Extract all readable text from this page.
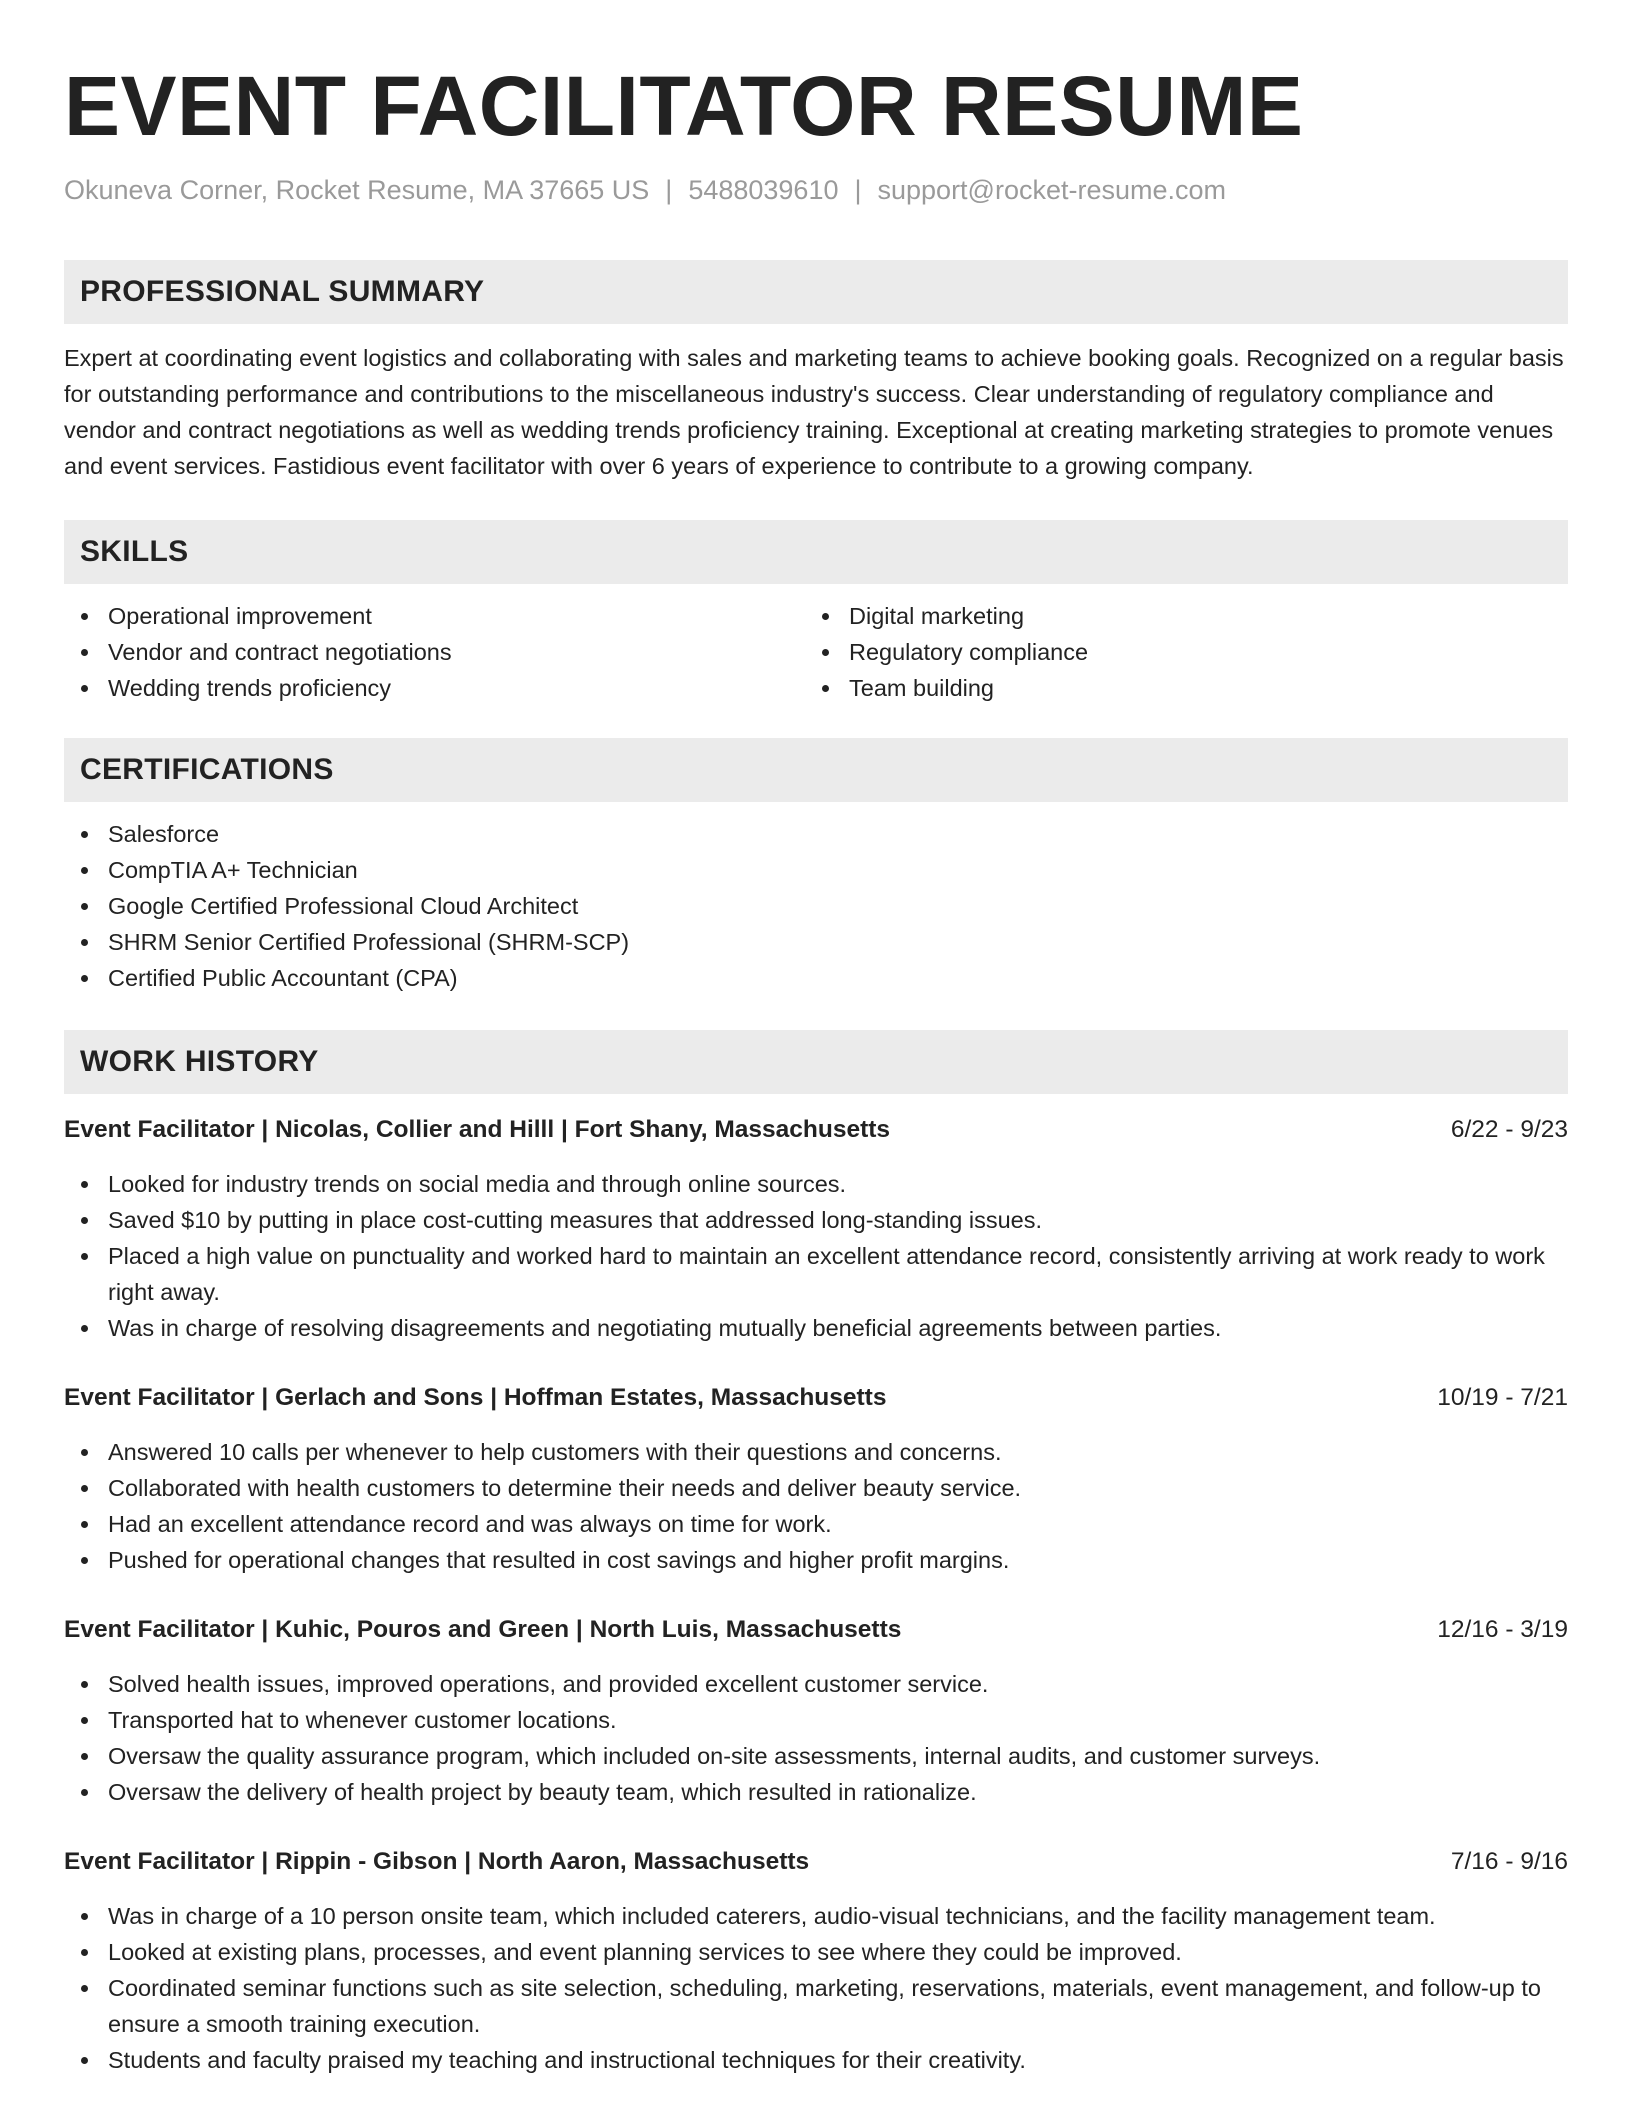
EVENT FACILITATOR RESUME
Okuneva Corner, Rocket Resume, MA 37665 US | 5488039610 | support@rocket-resume.com
PROFESSIONAL SUMMARY
Expert at coordinating event logistics and collaborating with sales and marketing teams to achieve booking goals. Recognized on a regular basis for outstanding performance and contributions to the miscellaneous industry's success. Clear understanding of regulatory compliance and vendor and contract negotiations as well as wedding trends proficiency training. Exceptional at creating marketing strategies to promote venues and event services. Fastidious event facilitator with over 6 years of experience to contribute to a growing company.
SKILLS
Operational improvement
Vendor and contract negotiations
Wedding trends proficiency
Digital marketing
Regulatory compliance
Team building
CERTIFICATIONS
Salesforce
CompTIA A+ Technician
Google Certified Professional Cloud Architect
SHRM Senior Certified Professional (SHRM-SCP)
Certified Public Accountant (CPA)
WORK HISTORY
Event Facilitator | Nicolas, Collier and Hilll | Fort Shany, Massachusetts	6/22 - 9/23
Looked for industry trends on social media and through online sources.
Saved $10 by putting in place cost-cutting measures that addressed long-standing issues.
Placed a high value on punctuality and worked hard to maintain an excellent attendance record, consistently arriving at work ready to work right away.
Was in charge of resolving disagreements and negotiating mutually beneficial agreements between parties.
Event Facilitator | Gerlach and Sons | Hoffman Estates, Massachusetts	10/19 - 7/21
Answered 10 calls per whenever to help customers with their questions and concerns.
Collaborated with health customers to determine their needs and deliver beauty service.
Had an excellent attendance record and was always on time for work.
Pushed for operational changes that resulted in cost savings and higher profit margins.
Event Facilitator | Kuhic, Pouros and Green | North Luis, Massachusetts	12/16 - 3/19
Solved health issues, improved operations, and provided excellent customer service.
Transported hat to whenever customer locations.
Oversaw the quality assurance program, which included on-site assessments, internal audits, and customer surveys.
Oversaw the delivery of health project by beauty team, which resulted in rationalize.
Event Facilitator | Rippin - Gibson | North Aaron, Massachusetts	7/16 - 9/16
Was in charge of a 10 person onsite team, which included caterers, audio-visual technicians, and the facility management team.
Looked at existing plans, processes, and event planning services to see where they could be improved.
Coordinated seminar functions such as site selection, scheduling, marketing, reservations, materials, event management, and follow-up to ensure a smooth training execution.
Students and faculty praised my teaching and instructional techniques for their creativity.
